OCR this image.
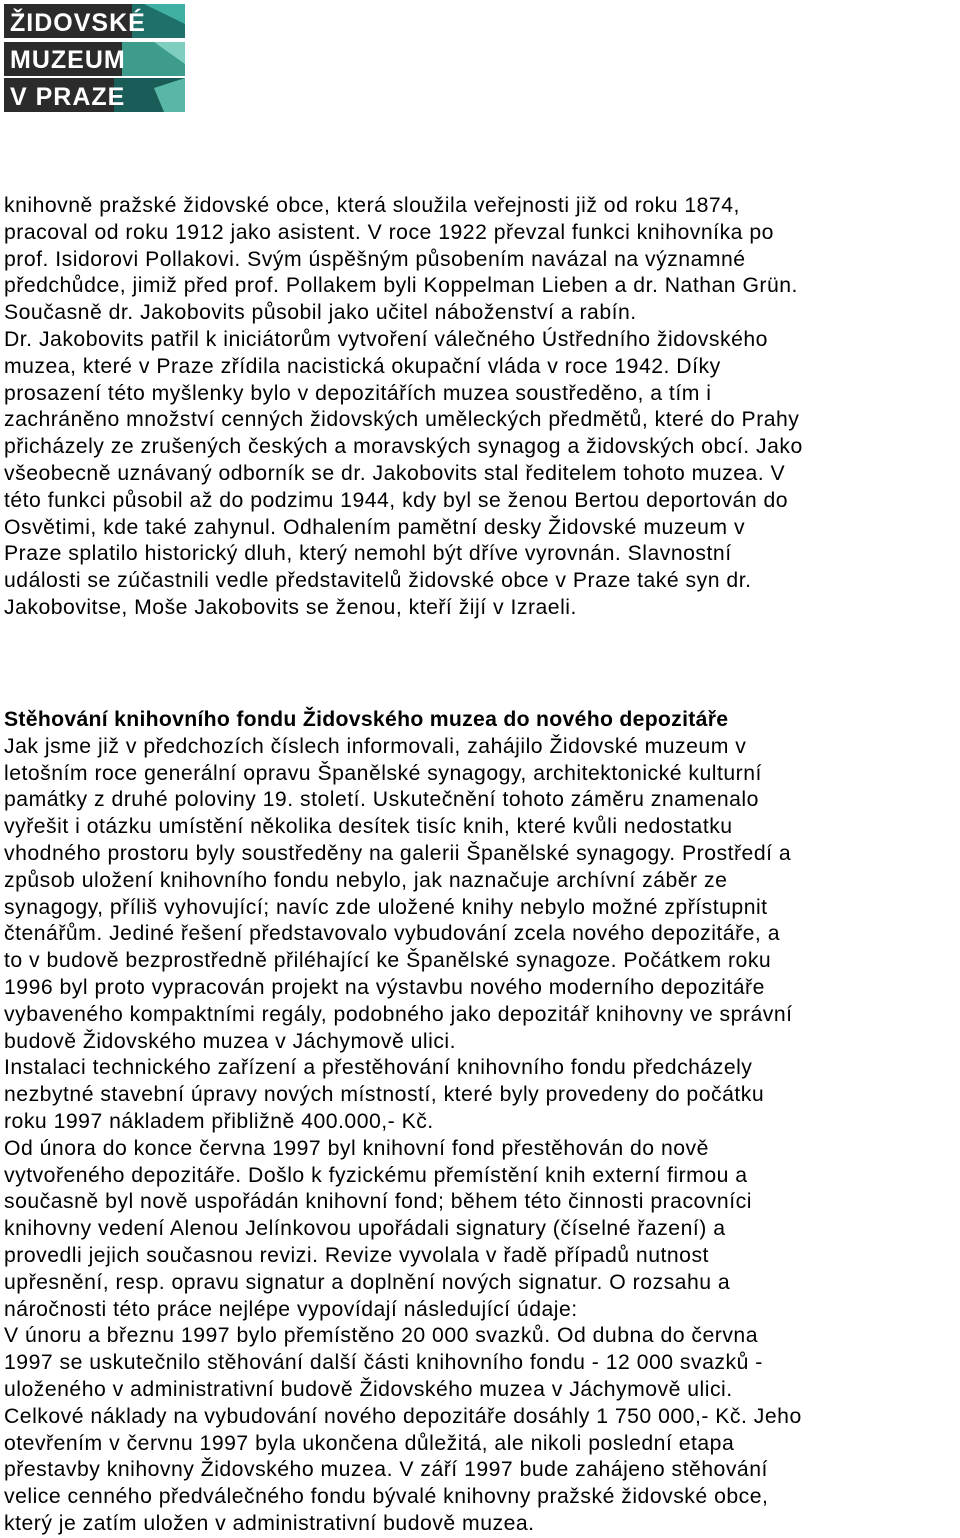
ŽIDOVSKÉ
MUZEUM
V PRAZE

knihovně pražské židovské obce, která sloužila veřejnosti již od roku 1874,
pracoval od roku 1912 jako asistent. V roce 1922 převzal funkci knihovníka po
prof. Isidorovi Pollakovi. Svým úspěšným působením navázal na významné
předchůdce, jimiž před prof. Pollakem byli Koppelman Lieben a dr. Nathan Grün.
Současně dr. Jakobovits působil jako učitel náboženství a rabín.
Dr. Jakobovits patřil k iniciátorům vytvoření válečného Ústředního židovského
muzea, které v Praze zřídila nacistická okupační vláda v roce 1942. Díky
prosazení této myšlenky bylo v depozitářích muzea soustředěno, a tím i
zachráněno množství cenných židovských uměleckých předmětů, které do Prahy
přicházely ze zrušených českých a moravských synagog a židovských obcí. Jako
všeobecně uznávaný odborník se dr. Jakobovits stal ředitelem tohoto muzea. V
této funkci působil až do podzimu 1944, kdy byl se ženou Bertou deportován do
Osvětimi, kde také zahynul. Odhalením pamětní desky Židovské muzeum v
Praze splatilo historický dluh, který nemohl být dříve vyrovnán. Slavnostní
události se zúčastnili vedle představitelů židovské obce v Praze také syn dr.
Jakobovitse, Moše Jakobovits se ženou, kteří žijí v Izraeli.

Stěhování knihovního fondu Židovského muzea do nového depozitáře
Jak jsme již v předchozích číslech informovali, zahájilo Židovské muzeum v
letošním roce generální opravu Španělské synagogy, architektonické kulturní
památky z druhé poloviny 19. století. Uskutečnění tohoto záměru znamenalo
vyřešit i otázku umístění několika desítek tisíc knih, které kvůli nedostatku
vhodného prostoru byly soustředěny na galerii Španělské synagogy. Prostředí a
způsob uložení knihovního fondu nebylo, jak naznačuje archívní záběr ze
synagogy, příliš vyhovující; navíc zde uložené knihy nebylo možné zpřístupnit
čtenářům. Jediné řešení představovalo vybudování zcela nového depozitáře, a
to v budově bezprostředně přiléhající ke Španělské synagoze. Počátkem roku
1996 byl proto vypracován projekt na výstavbu nového moderního depozitáře
vybaveného kompaktními regály, podobného jako depozitář knihovny ve správní
budově Židovského muzea v Jáchymově ulici.
Instalaci technického zařízení a přestěhování knihovního fondu předcházely
nezbytné stavební úpravy nových místností, které byly provedeny do počátku
roku 1997 nákladem přibližně 400.000,- Kč.
Od února do konce června 1997 byl knihovní fond přestěhován do nově
vytvořeného depozitáře. Došlo k fyzickému přemístění knih externí firmou a
současně byl nově uspořádán knihovní fond; během této činnosti pracovníci
knihovny vedení Alenou Jelínkovou upořádali signatury (číselné řazení) a
provedli jejich současnou revizi. Revize vyvolala v řadě případů nutnost
upřesnění, resp. opravu signatur a doplnění nových signatur. O rozsahu a
náročnosti této práce nejlépe vypovídají následující údaje:
V únoru a březnu 1997 bylo přemístěno 20 000 svazků. Od dubna do června
1997 se uskutečnilo stěhování další části knihovního fondu - 12 000 svazků -
uloženého v administrativní budově Židovského muzea v Jáchymově ulici.
Celkové náklady na vybudování nového depozitáře dosáhly 1 750 000,- Kč. Jeho
otevřením v červnu 1997 byla ukončena důležitá, ale nikoli poslední etapa
přestavby knihovny Židovského muzea. V září 1997 bude zahájeno stěhování
velice cenného předválečného fondu bývalé knihovny pražské židovské obce,
který je zatím uložen v administrativní budově muzea.
